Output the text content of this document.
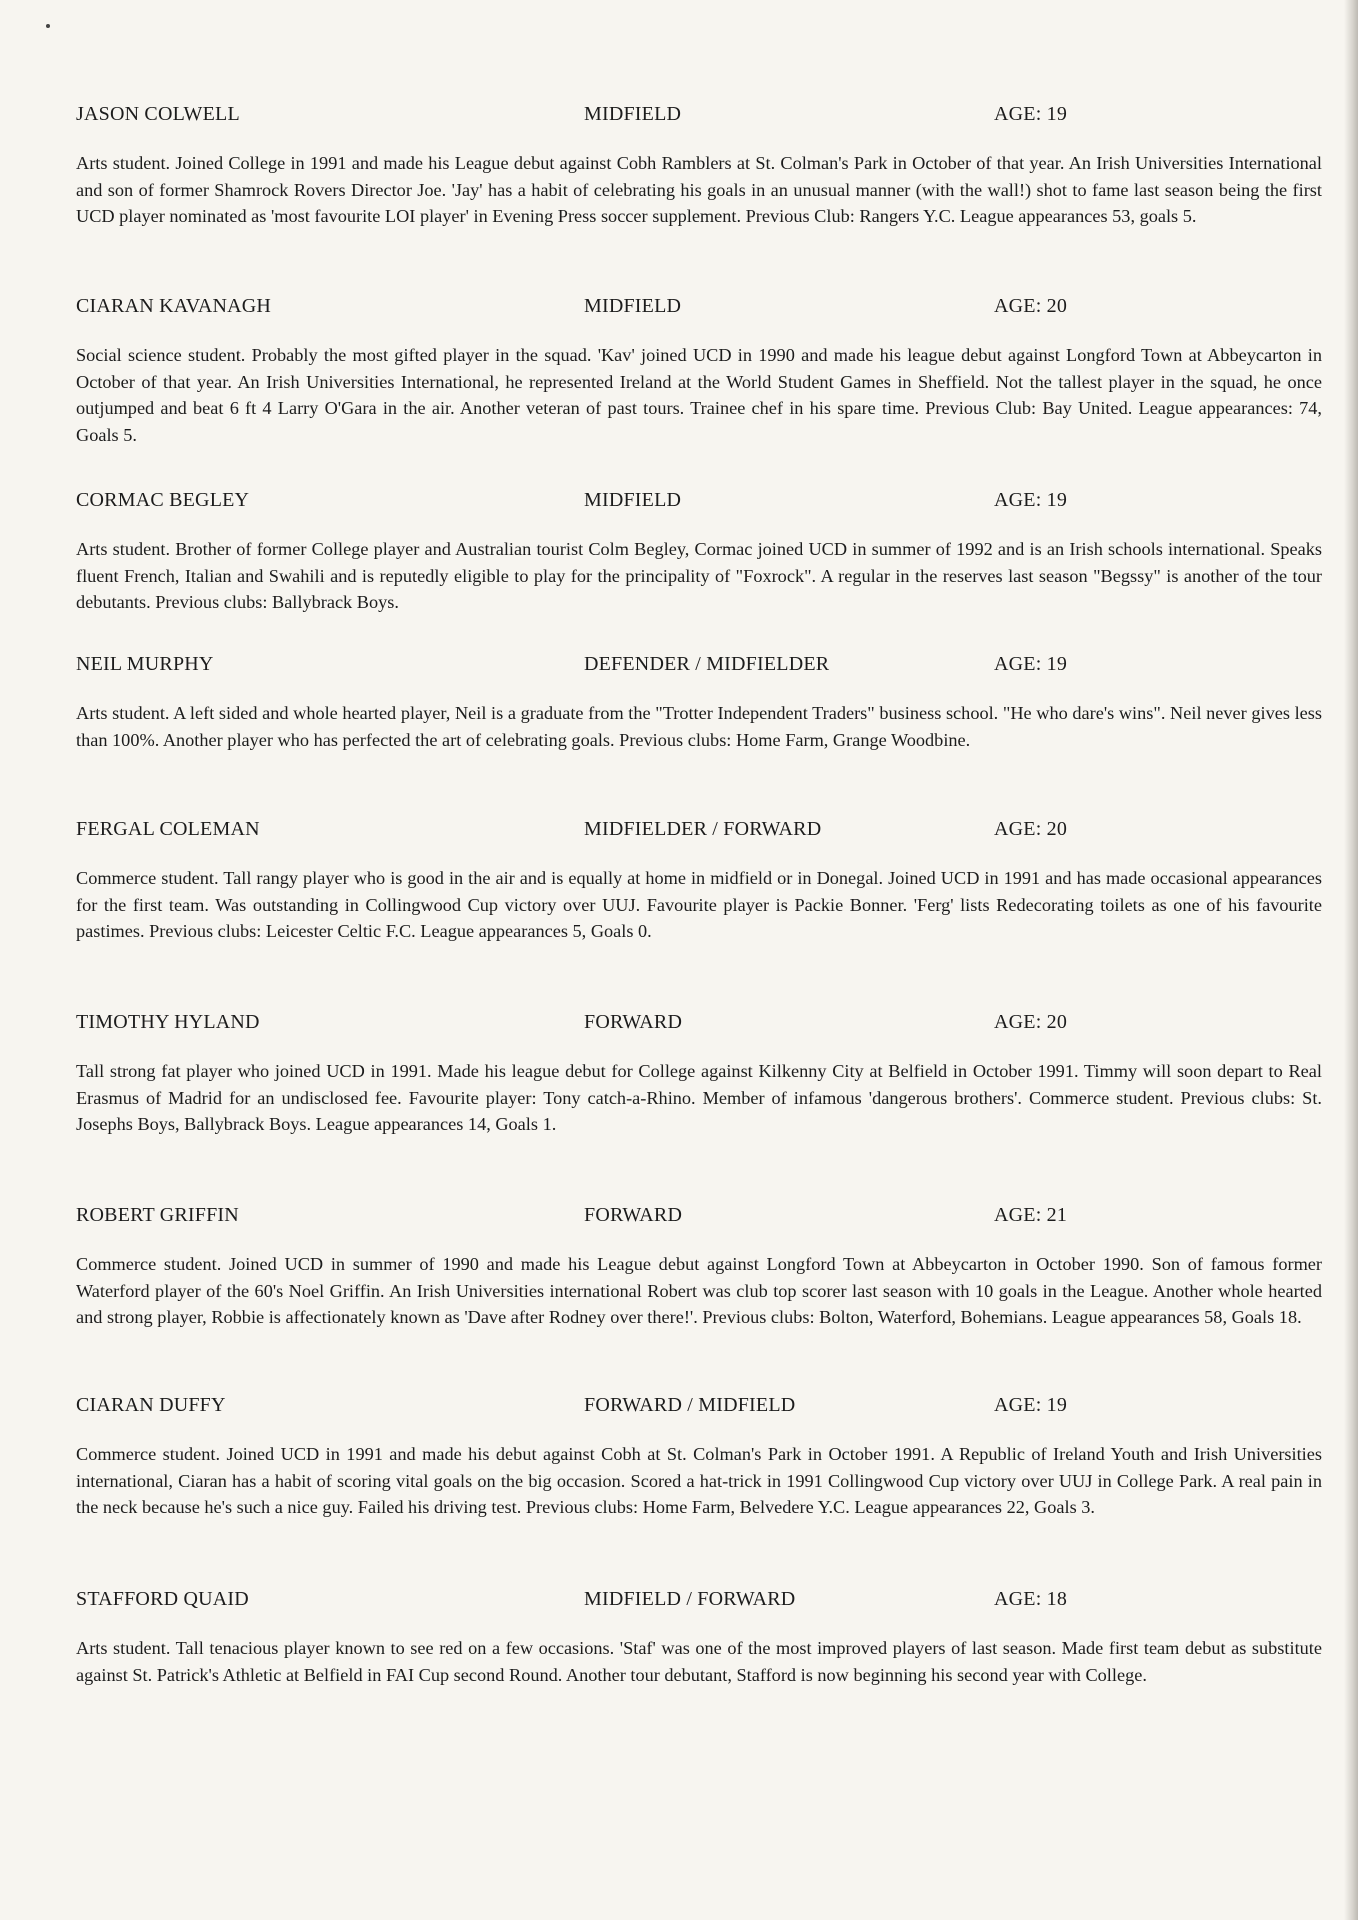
JASON COLWELL	MIDFIELD	AGE: 19

Arts student. Joined College in 1991 and made his League debut against Cobh Ramblers at St. Colman's Park in October of that year. An Irish Universities International and son of former Shamrock Rovers Director Joe. 'Jay' has a habit of celebrating his goals in an unusual manner (with the wall!) shot to fame last season being the first UCD player nominated as 'most favourite LOI player' in Evening Press soccer supplement. Previous Club: Rangers Y.C. League appearances 53, goals 5.

CIARAN KAVANAGH	MIDFIELD	AGE: 20

Social science student. Probably the most gifted player in the squad. 'Kav' joined UCD in 1990 and made his league debut against Longford Town at Abbeycarton in October of that year. An Irish Universities International, he represented Ireland at the World Student Games in Sheffield. Not the tallest player in the squad, he once outjumped and beat 6 ft 4 Larry O'Gara in the air. Another veteran of past tours. Trainee chef in his spare time. Previous Club: Bay United. League appearances: 74, Goals 5.

CORMAC BEGLEY	MIDFIELD	AGE: 19

Arts student. Brother of former College player and Australian tourist Colm Begley, Cormac joined UCD in summer of 1992 and is an Irish schools international. Speaks fluent French, Italian and Swahili and is reputedly eligible to play for the principality of "Foxrock". A regular in the reserves last season "Begssy" is another of the tour debutants. Previous clubs: Ballybrack Boys.

NEIL MURPHY	DEFENDER / MIDFIELDER	AGE: 19

Arts student. A left sided and whole hearted player, Neil is a graduate from the "Trotter Independent Traders" business school. "He who dare's wins". Neil never gives less than 100%. Another player who has perfected the art of celebrating goals. Previous clubs: Home Farm, Grange Woodbine.

FERGAL COLEMAN	MIDFIELDER / FORWARD	AGE: 20

Commerce student. Tall rangy player who is good in the air and is equally at home in midfield or in Donegal. Joined UCD in 1991 and has made occasional appearances for the first team. Was outstanding in Collingwood Cup victory over UUJ. Favourite player is Packie Bonner. 'Ferg' lists Redecorating toilets as one of his favourite pastimes. Previous clubs: Leicester Celtic F.C. League appearances 5, Goals 0.

TIMOTHY HYLAND	FORWARD	AGE: 20

Tall strong fat player who joined UCD in 1991. Made his league debut for College against Kilkenny City at Belfield in October 1991. Timmy will soon depart to Real Erasmus of Madrid for an undisclosed fee. Favourite player: Tony catch-a-Rhino. Member of infamous 'dangerous brothers'. Commerce student. Previous clubs: St. Josephs Boys, Ballybrack Boys. League appearances 14, Goals 1.

ROBERT GRIFFIN	FORWARD	AGE: 21

Commerce student. Joined UCD in summer of 1990 and made his League debut against Longford Town at Abbeycarton in October 1990. Son of famous former Waterford player of the 60's Noel Griffin. An Irish Universities international Robert was club top scorer last season with 10 goals in the League. Another whole hearted and strong player, Robbie is affectionately known as 'Dave after Rodney over there!'. Previous clubs: Bolton, Waterford, Bohemians. League appearances 58, Goals 18.

CIARAN DUFFY	FORWARD / MIDFIELD	AGE: 19

Commerce student. Joined UCD in 1991 and made his debut against Cobh at St. Colman's Park in October 1991. A Republic of Ireland Youth and Irish Universities international, Ciaran has a habit of scoring vital goals on the big occasion. Scored a hat-trick in 1991 Collingwood Cup victory over UUJ in College Park. A real pain in the neck because he's such a nice guy. Failed his driving test. Previous clubs: Home Farm, Belvedere Y.C. League appearances 22, Goals 3.

STAFFORD QUAID	MIDFIELD / FORWARD	AGE: 18

Arts student. Tall tenacious player known to see red on a few occasions. 'Staf' was one of the most improved players of last season. Made first team debut as substitute against St. Patrick's Athletic at Belfield in FAI Cup second Round. Another tour debutant, Stafford is now beginning his second year with College.
